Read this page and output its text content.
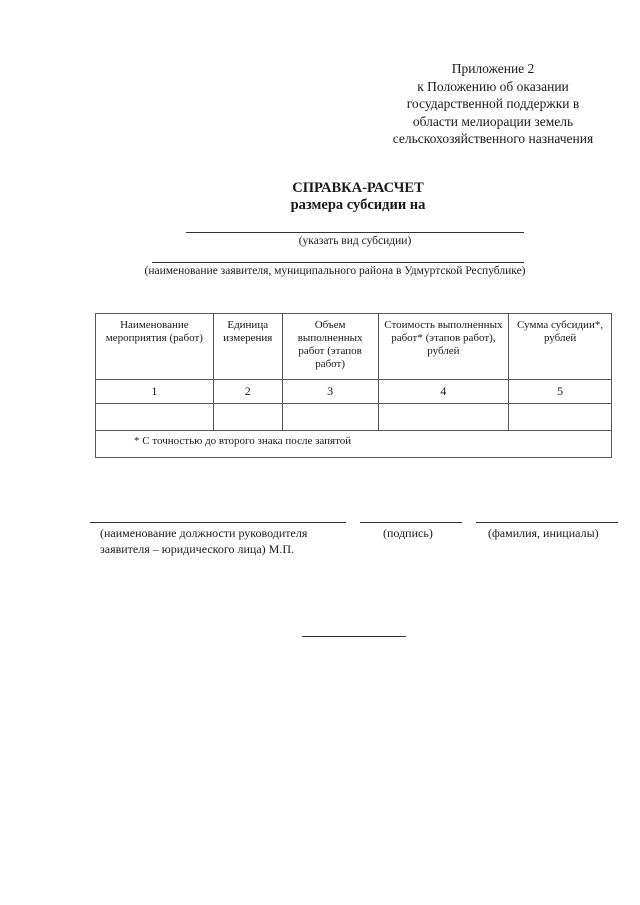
Приложение 2
к Положению об оказании
государственной поддержки в
области мелиорации земель
сельскохозяйственного назначения
СПРАВКА-РАСЧЕТ
размера субсидии на
(указать вид субсидии)
(наименование заявителя, муниципального района в Удмуртской Республике)
Наименование мероприятия (работ)	Единица измерения	Объем выполненных работ (этапов работ)	Стоимость выполненных работ* (этапов работ), рублей	Сумма субсидии*, рублей
1	2	3	4	5

* С точностью до второго знака после запятой				
(наименование должности руководителя
заявителя – юридического лица) М.П.
(подпись)	(фамилия, инициалы)
